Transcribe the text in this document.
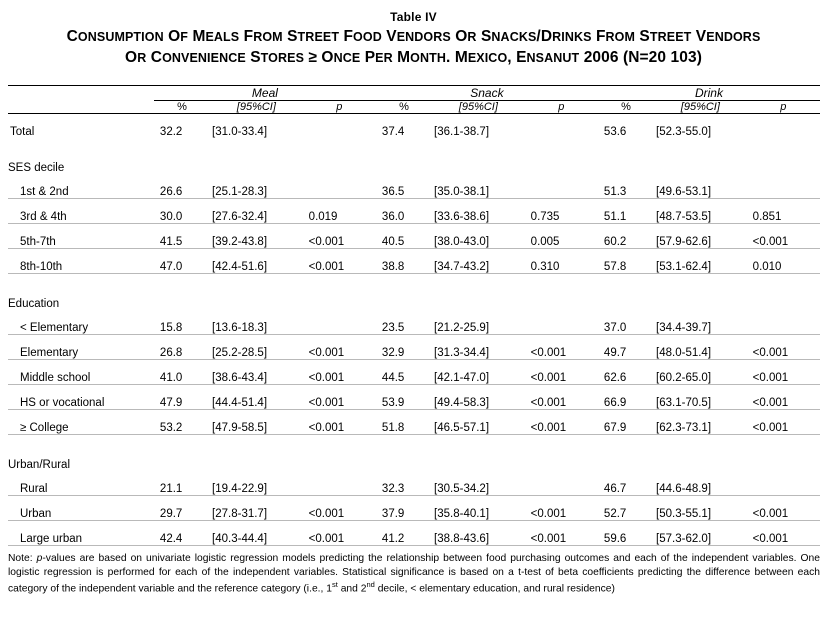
Table IV
CONSUMPTION OF MEALS FROM STREET FOOD VENDORS OR SNACKS/DRINKS FROM STREET VENDORS
OR CONVENIENCE STORES ≥ ONCE PER MONTH. MEXICO, ENSANUT 2006 (N=20 103)
	Meal			Snack			Drink		
	%	[95%CI]	p	%	[95%CI]	p	%	[95%CI]	p
Total	32.2	[31.0-33.4]		37.4	[36.1-38.7]		53.6	[52.3-55.0]	

SES decile									
1st & 2nd	26.6	[25.1-28.3]		36.5	[35.0-38.1]		51.3	[49.6-53.1]	
3rd & 4th	30.0	[27.6-32.4]	0.019	36.0	[33.6-38.6]	0.735	51.1	[48.7-53.5]	0.851
5th-7th	41.5	[39.2-43.8]	<0.001	40.5	[38.0-43.0]	0.005	60.2	[57.9-62.6]	<0.001
8th-10th	47.0	[42.4-51.6]	<0.001	38.8	[34.7-43.2]	0.310	57.8	[53.1-62.4]	0.010

Education									
< Elementary	15.8	[13.6-18.3]		23.5	[21.2-25.9]		37.0	[34.4-39.7]	
Elementary	26.8	[25.2-28.5]	<0.001	32.9	[31.3-34.4]	<0.001	49.7	[48.0-51.4]	<0.001
Middle school	41.0	[38.6-43.4]	<0.001	44.5	[42.1-47.0]	<0.001	62.6	[60.2-65.0]	<0.001
HS or vocational	47.9	[44.4-51.4]	<0.001	53.9	[49.4-58.3]	<0.001	66.9	[63.1-70.5]	<0.001
≥ College	53.2	[47.9-58.5]	<0.001	51.8	[46.5-57.1]	<0.001	67.9	[62.3-73.1]	<0.001

Urban/Rural									
Rural	21.1	[19.4-22.9]		32.3	[30.5-34.2]		46.7	[44.6-48.9]	
Urban	29.7	[27.8-31.7]	<0.001	37.9	[35.8-40.1]	<0.001	52.7	[50.3-55.1]	<0.001
Large urban	42.4	[40.3-44.4]	<0.001	41.2	[38.8-43.6]	<0.001	59.6	[57.3-62.0]	<0.001

Note: p-values are based on univariate logistic regression models predicting the relationship between food purchasing outcomes and each of the independent variables. One logistic regression is performed for each of the independent variables. Statistical significance is based on a t-test of beta coefficients predicting the difference between each category of the independent variable and the reference category (i.e., 1st and 2nd decile, < elementary education, and rural residence)
